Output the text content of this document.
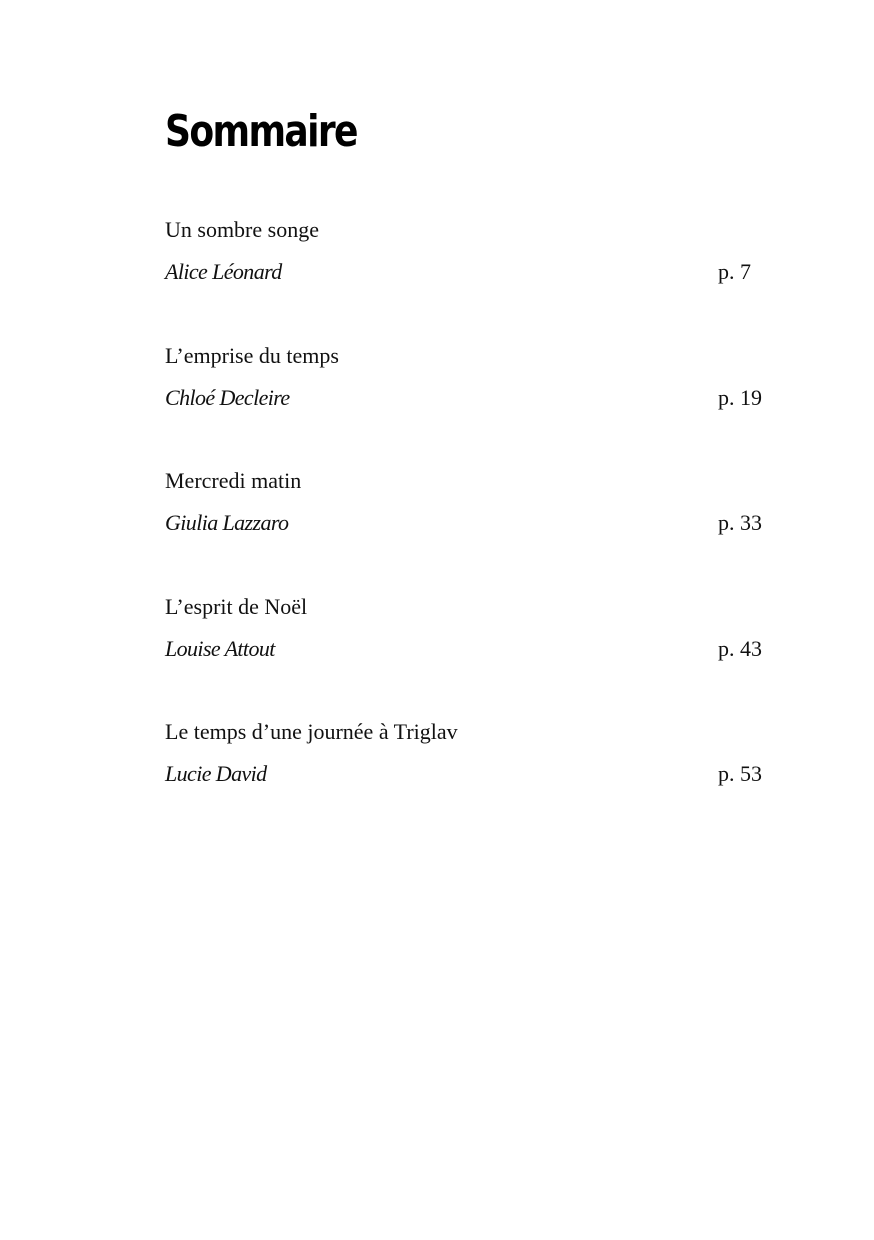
Sommaire
Un sombre songe
Alice Léonard	p. 7
L’emprise du temps
Chloé Decleire	p. 19
Mercredi matin
Giulia Lazzaro	p. 33
L’esprit de Noël
Louise Attout	p. 43
Le temps d’une journée à Triglav
Lucie David	p. 53
